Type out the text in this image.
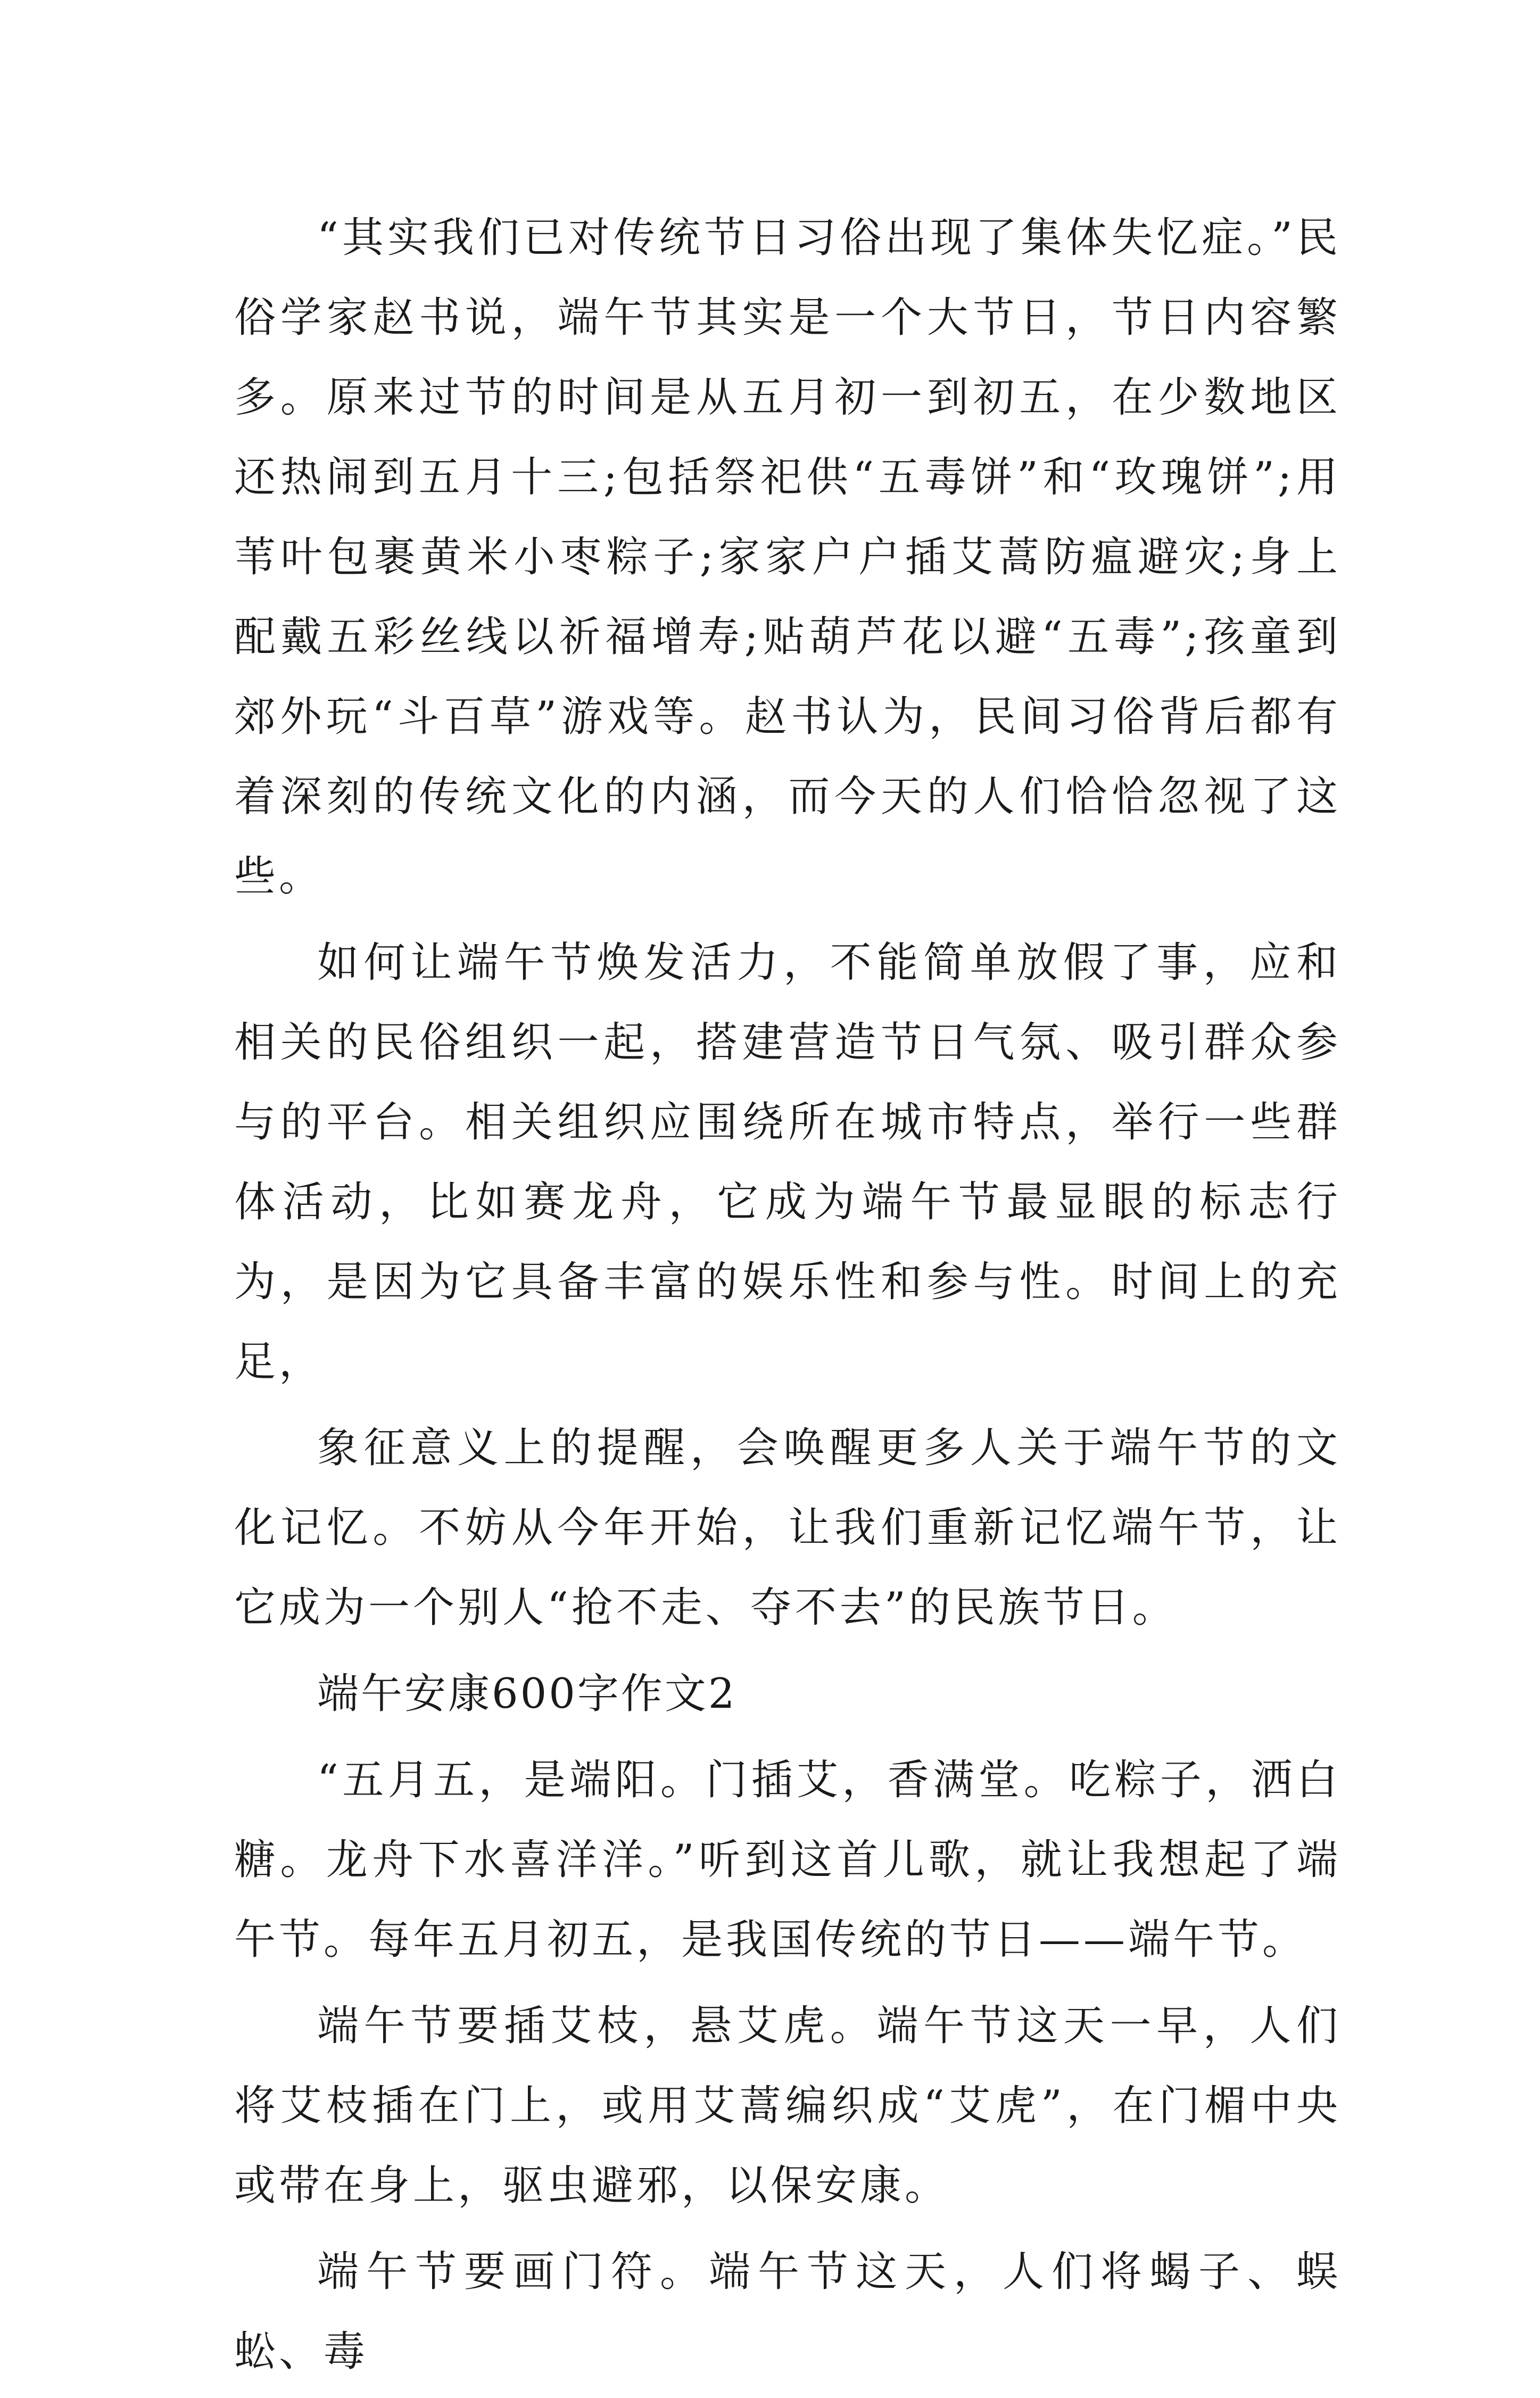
“其实我们已对传统节日习俗出现了集体失忆症。”民俗学家赵书说，端午节其实是一个大节日，节日内容繁多。原来过节的时间是从五月初一到初五，在少数地区还热闹到五月十三;包括祭祀供“五毒饼”和“玫瑰饼”;用苇叶包裹黄米小枣粽子;家家户户插艾蒿防瘟避灾;身上配戴五彩丝线以祈福增寿;贴葫芦花以避“五毒”;孩童到郊外玩“斗百草”游戏等。赵书认为，民间习俗背后都有着深刻的传统文化的内涵，而今天的人们恰恰忽视了这些。

如何让端午节焕发活力，不能简单放假了事，应和相关的民俗组织一起，搭建营造节日气氛、吸引群众参与的平台。相关组织应围绕所在城市特点，举行一些群体活动，比如赛龙舟，它成为端午节最显眼的标志行为，是因为它具备丰富的娱乐性和参与性。时间上的充足，

象征意义上的提醒，会唤醒更多人关于端午节的文化记忆。不妨从今年开始，让我们重新记忆端午节，让它成为一个别人“抢不走、夺不去”的民族节日。

端午安康600字作文2

“五月五，是端阳。门插艾，香满堂。吃粽子，洒白糖。龙舟下水喜洋洋。”听到这首儿歌，就让我想起了端午节。每年五月初五，是我国传统的节日——端午节。

端午节要插艾枝，悬艾虎。端午节这天一早，人们将艾枝插在门上，或用艾蒿编织成“艾虎”，在门楣中央或带在身上，驱虫避邪，以保安康。

端午节要画门符。端午节这天，人们将蝎子、蜈蚣、毒
